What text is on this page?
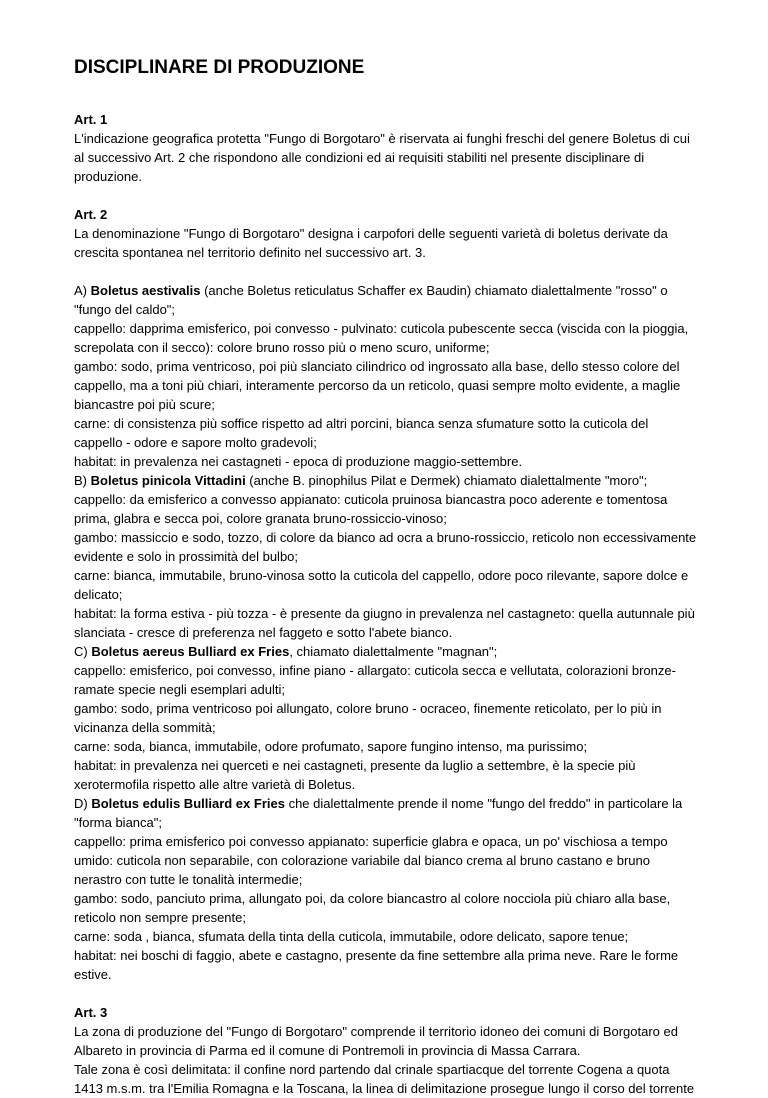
DISCIPLINARE DI PRODUZIONE
Art. 1

L'indicazione geografica protetta "Fungo di Borgotaro" è riservata ai funghi freschi del genere Boletus di cui al successivo Art. 2 che rispondono alle condizioni ed ai requisiti stabiliti nel presente disciplinare di produzione.

Art. 2

La denominazione "Fungo di Borgotaro" designa i carpofori delle seguenti varietà di boletus derivate da crescita spontanea nel territorio definito nel successivo art. 3.

A) Boletus aestivalis (anche Boletus reticulatus Schaffer ex Baudin) chiamato dialettalmente "rosso" o "fungo del caldo";
cappello: dapprima emisferico, poi convesso - pulvinato: cuticola pubescente secca (viscida con la pioggia, screpolata con il secco): colore bruno rosso più o meno scuro, uniforme;
gambo: sodo, prima ventricoso, poi più slanciato cilindrico od ingrossato alla base, dello stesso colore del cappello, ma a toni più chiari, interamente percorso da un reticolo, quasi sempre molto evidente, a maglie biancastre poi più scure;
carne: di consistenza più soffice rispetto ad altri porcini, bianca senza sfumature sotto la cuticola del cappello - odore e sapore molto gradevoli;
habitat: in prevalenza nei castagneti - epoca di produzione maggio-settembre.
B) Boletus pinicola Vittadini (anche B. pinophilus Pilat e Dermek) chiamato dialettalmente "moro";
cappello: da emisferico a convesso appianato: cuticola pruinosa biancastra poco aderente e tomentosa prima, glabra e secca poi, colore granata bruno-rossiccio-vinoso;
gambo: massiccio e sodo, tozzo, di colore da bianco ad ocra a bruno-rossiccio, reticolo non eccessivamente evidente e solo in prossimità del bulbo;
carne: bianca, immutabile, bruno-vinosa sotto la cuticola del cappello, odore poco rilevante, sapore dolce e delicato;
habitat: la forma estiva - più tozza - è presente da giugno in prevalenza nel castagneto: quella autunnale più slanciata - cresce di preferenza nel faggeto e sotto l'abete bianco.
C) Boletus aereus Bulliard ex Fries, chiamato dialettalmente "magnan";
cappello: emisferico, poi convesso, infine piano - allargato: cuticola secca e vellutata, colorazioni bronze-ramate specie negli esemplari adulti;
gambo: sodo, prima ventricoso poi allungato, colore bruno - ocraceo, finemente reticolato, per lo più in vicinanza della sommità;
carne: soda, bianca, immutabile, odore profumato, sapore fungino intenso, ma purissimo;
habitat: in prevalenza nei querceti e nei castagneti, presente da luglio a settembre, è la specie più xerotermofila rispetto alle altre varietà di Boletus.
D) Boletus edulis Bulliard ex Fries che dialettalmente prende il nome "fungo del freddo" in particolare la "forma bianca";
cappello: prima emisferico poi convesso appianato: superficie glabra e opaca, un po' vischiosa a tempo umido: cuticola non separabile, con colorazione variabile dal bianco crema al bruno castano e bruno nerastro con tutte le tonalità intermedie;
gambo: sodo, panciuto prima, allungato poi, da colore biancastro al colore nocciola più chiaro alla base, reticolo non sempre presente;
carne: soda , bianca, sfumata della tinta della cuticola, immutabile, odore delicato, sapore tenue;
habitat: nei boschi di faggio, abete e castagno, presente da fine settembre alla prima neve. Rare le forme estive.
Art. 3
La zona di produzione del "Fungo di Borgotaro" comprende il territorio idoneo dei comuni di Borgotaro ed Albareto in provincia di Parma ed il comune di Pontremoli in provincia di Massa Carrara.
Tale zona è così delimitata: il confine nord partendo dal crinale spartiacque del torrente Cogena a quota 1413 m.s.m. tra l'Emilia Romagna e la Toscana, la linea di delimitazione prosegue lungo il corso del torrente
